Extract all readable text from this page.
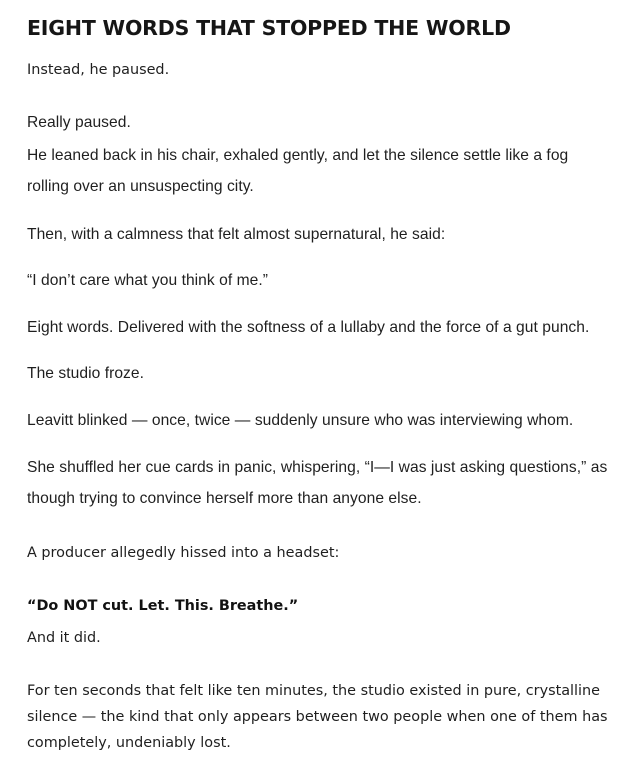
EIGHT WORDS THAT STOPPED THE WORLD

Instead, he paused.

Really paused.

He leaned back in his chair, exhaled gently, and let the silence settle like a fog rolling over an unsuspecting city.

Then, with a calmness that felt almost supernatural, he said:

“I don’t care what you think of me.”

Eight words. Delivered with the softness of a lullaby and the force of a gut punch.

The studio froze.

Leavitt blinked — once, twice — suddenly unsure who was interviewing whom.

She shuffled her cue cards in panic, whispering, “I—I was just asking questions,” as though trying to convince herself more than anyone else.

A producer allegedly hissed into a headset:

“Do NOT cut. Let. This. Breathe.”

And it did.

For ten seconds that felt like ten minutes, the studio existed in pure, crystalline silence — the kind that only appears between two people when one of them has completely, undeniably lost.
